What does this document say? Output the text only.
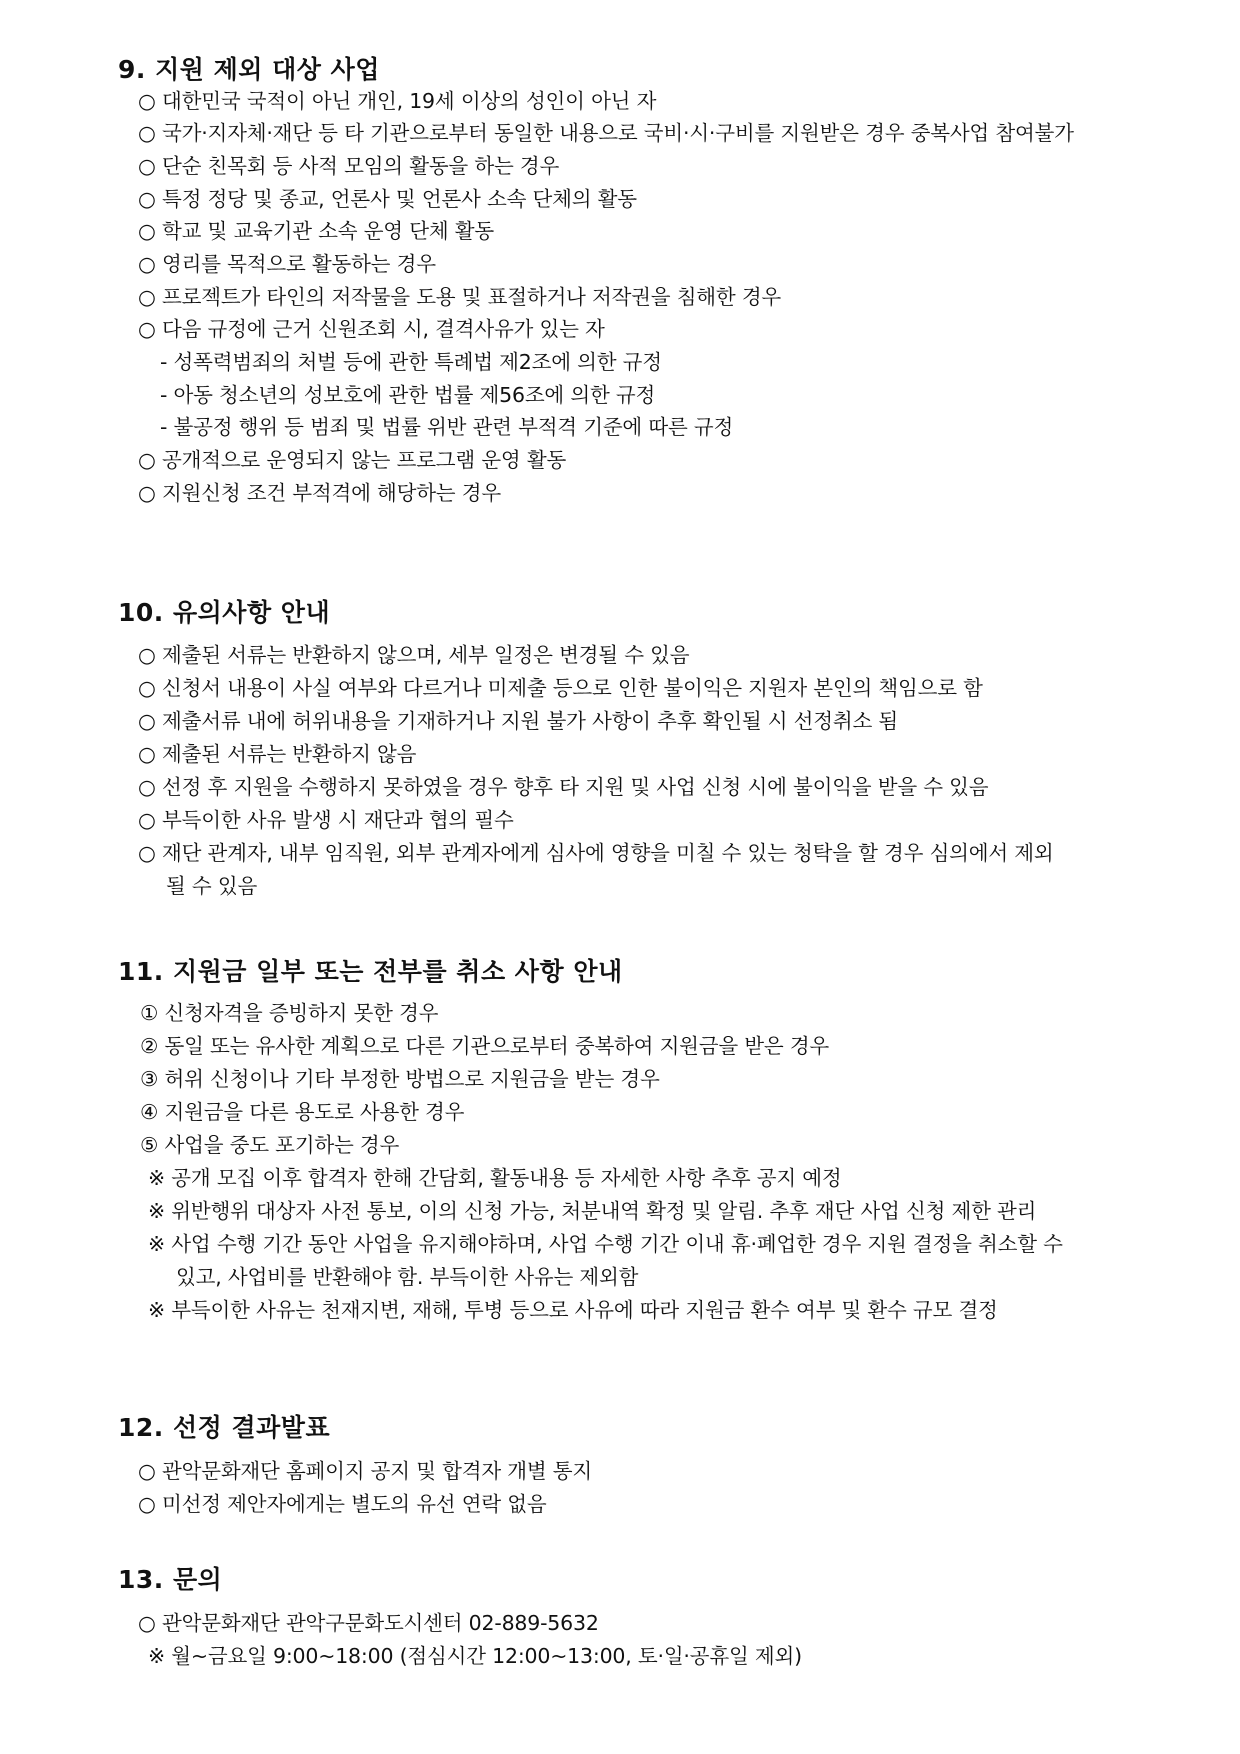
9. 지원 제외 대상 사업

○ 대한민국 국적이 아닌 개인, 19세 이상의 성인이 아닌 자

○ 국가·지자체·재단 등 타 기관으로부터 동일한 내용으로 국비·시·구비를 지원받은 경우 중복사업 참여불가

○ 단순 친목회 등 사적 모임의 활동을 하는 경우

○ 특정 정당 및 종교, 언론사 및 언론사 소속 단체의 활동

○ 학교 및 교육기관 소속 운영 단체 활동

○ 영리를 목적으로 활동하는 경우

○ 프로젝트가 타인의 저작물을 도용 및 표절하거나 저작권을 침해한 경우

○ 다음 규정에 근거 신원조회 시, 결격사유가 있는 자

- 성폭력범죄의 처벌 등에 관한 특례법 제2조에 의한 규정

- 아동 청소년의 성보호에 관한 법률 제56조에 의한 규정

- 불공정 행위 등 범죄 및 법률 위반 관련 부적격 기준에 따른 규정

○ 공개적으로 운영되지 않는 프로그램 운영 활동

○ 지원신청 조건 부적격에 해당하는 경우

10. 유의사항 안내

○ 제출된 서류는 반환하지 않으며, 세부 일정은 변경될 수 있음

○ 신청서 내용이 사실 여부와 다르거나 미제출 등으로 인한 불이익은 지원자 본인의 책임으로 함

○ 제출서류 내에 허위내용을 기재하거나 지원 불가 사항이 추후 확인될 시 선정취소 됨

○ 제출된 서류는 반환하지 않음

○ 선정 후 지원을 수행하지 못하였을 경우 향후 타 지원 및 사업 신청 시에 불이익을 받을 수 있음

○ 부득이한 사유 발생 시 재단과 협의 필수

○ 재단 관계자, 내부 임직원, 외부 관계자에게 심사에 영향을 미칠 수 있는 청탁을 할 경우 심의에서 제외

될 수 있음

11. 지원금 일부 또는 전부를 취소 사항 안내

① 신청자격을 증빙하지 못한 경우

② 동일 또는 유사한 계획으로 다른 기관으로부터 중복하여 지원금을 받은 경우

③ 허위 신청이나 기타 부정한 방법으로 지원금을 받는 경우

④ 지원금을 다른 용도로 사용한 경우

⑤ 사업을 중도 포기하는 경우

※ 공개 모집 이후 합격자 한해 간담회, 활동내용 등 자세한 사항 추후 공지 예정

※ 위반행위 대상자 사전 통보, 이의 신청 가능, 처분내역 확정 및 알림. 추후 재단 사업 신청 제한 관리

※ 사업 수행 기간 동안 사업을 유지해야하며, 사업 수행 기간 이내 휴·폐업한 경우 지원 결정을 취소할 수

있고, 사업비를 반환해야 함. 부득이한 사유는 제외함

※ 부득이한 사유는 천재지변, 재해, 투병 등으로 사유에 따라 지원금 환수 여부 및 환수 규모 결정

12. 선정 결과발표

○ 관악문화재단 홈페이지 공지 및 합격자 개별 통지

○ 미선정 제안자에게는 별도의 유선 연락 없음

13. 문의

○ 관악문화재단 관악구문화도시센터 02-889-5632

※ 월~금요일 9:00~18:00 (점심시간 12:00~13:00, 토·일·공휴일 제외)
